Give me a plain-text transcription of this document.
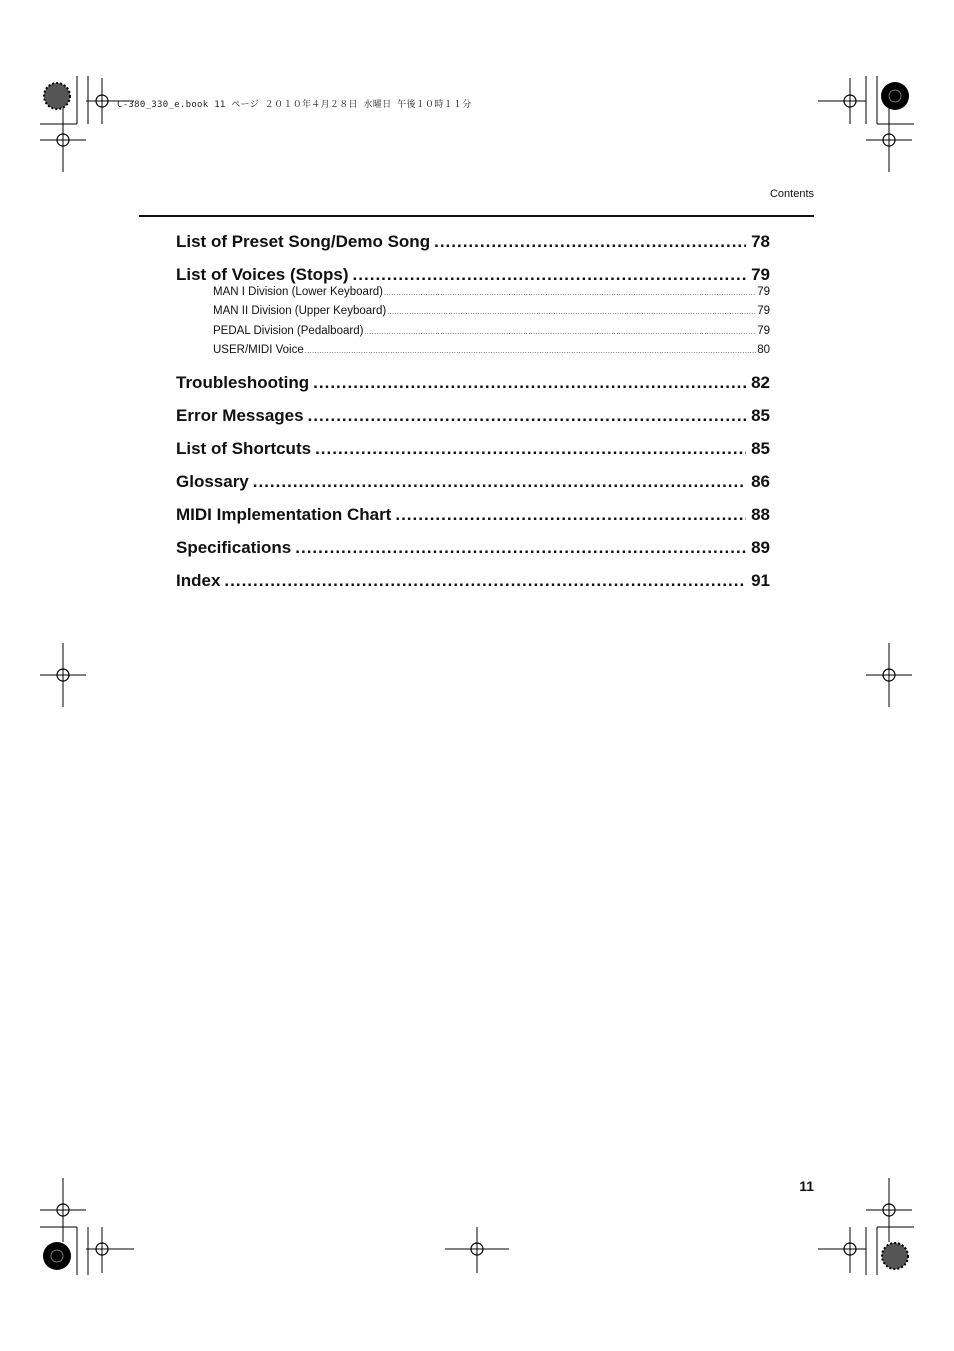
C-380_330_e.book 11 ページ ２０１０年４月２８日 水曜日 午後１０時１１分
Contents
List of Preset Song/Demo Song .....	78
List of Voices (Stops) .....	79
MAN I Division (Lower Keyboard) .....	79
MAN II Division (Upper Keyboard) .....	79
PEDAL Division (Pedalboard) .....	79
USER/MIDI Voice .....	80
Troubleshooting .....	82
Error Messages .....	85
List of Shortcuts .....	85
Glossary .....	86
MIDI Implementation Chart .....	88
Specifications .....	89
Index .....	91
11
